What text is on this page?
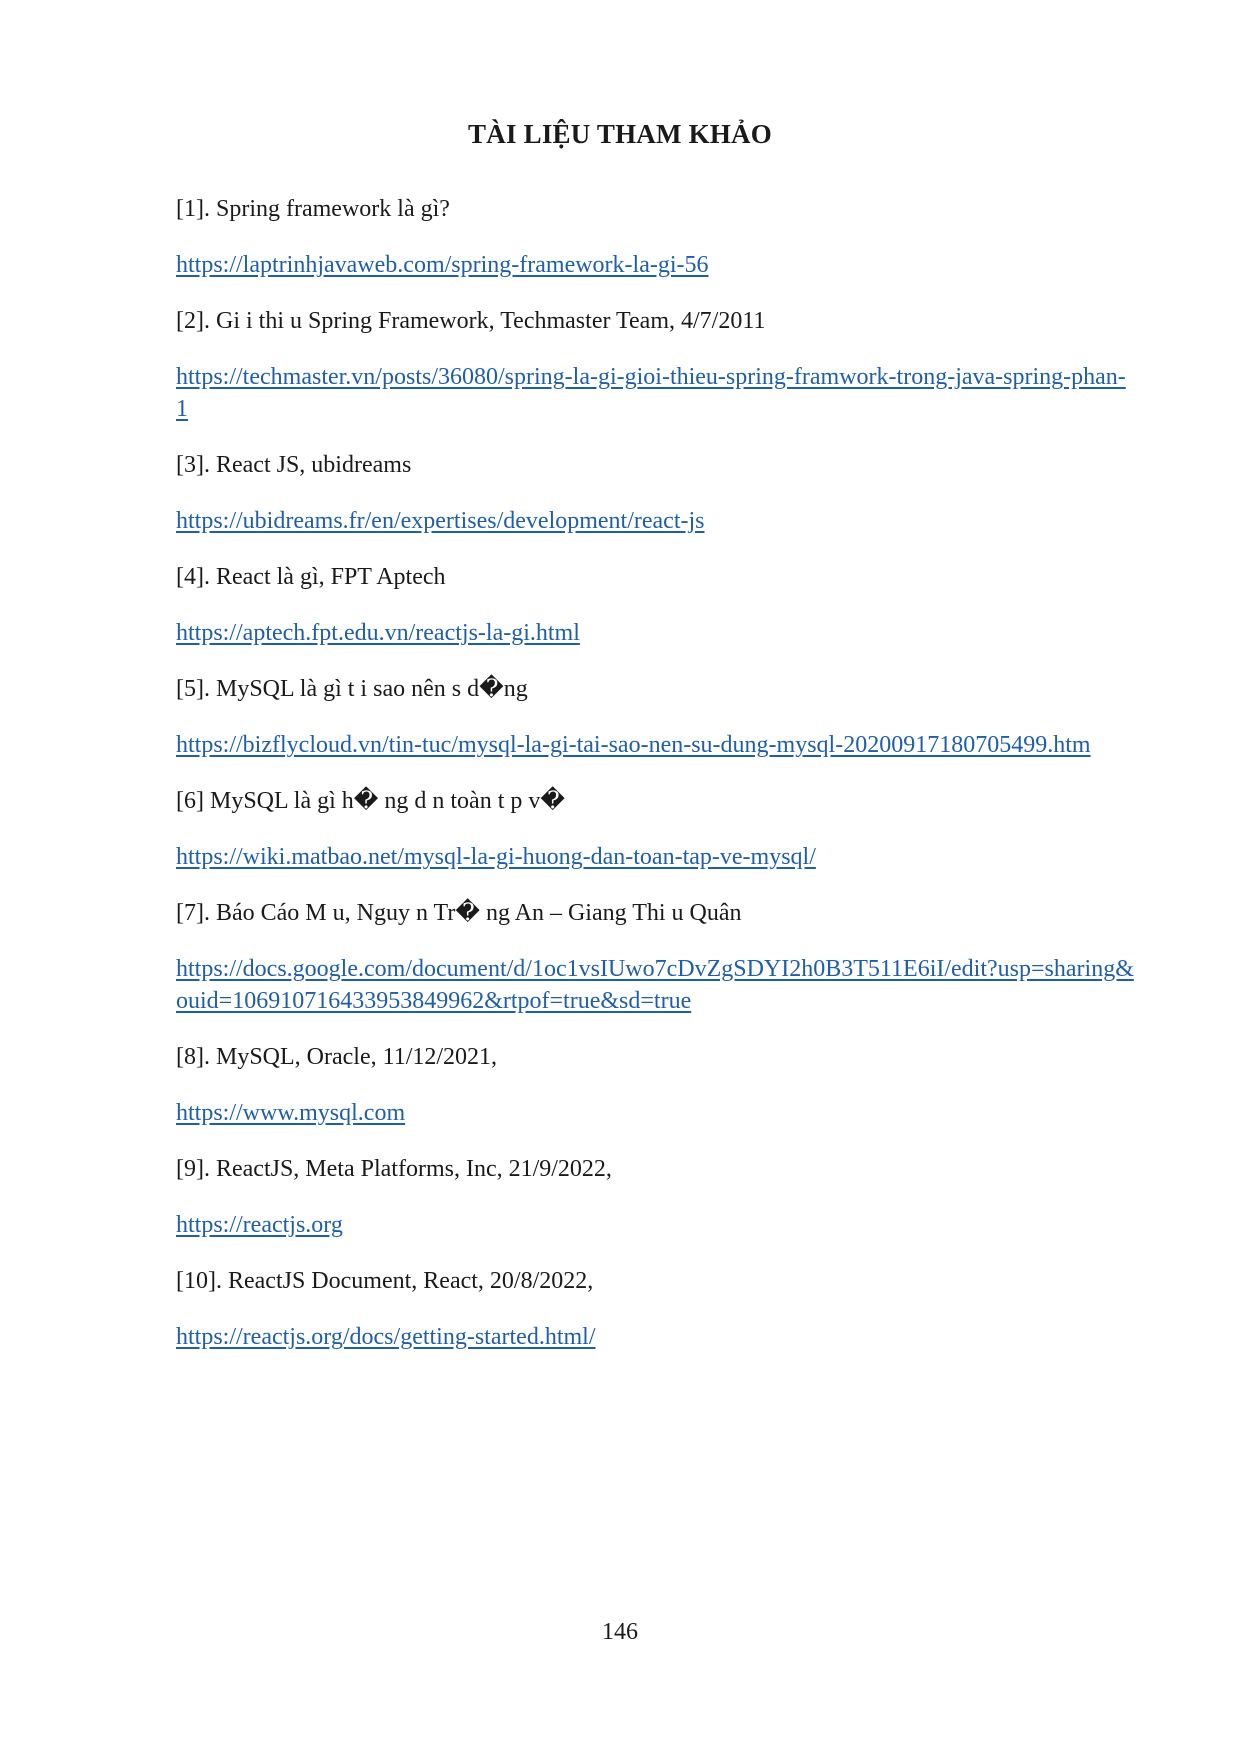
TÀI LIỆU THAM KHẢO
[1]. Spring framework là gì?
https://laptrinhjavaweb.com/spring-framework-la-gi-56
[2]. Gi i thi u Spring Framework, Techmaster Team, 4/7/2011
https://techmaster.vn/posts/36080/spring-la-gi-gioi-thieu-spring-framwork-trong-java-spring-phan-1
[3]. React JS, ubidreams
https://ubidreams.fr/en/expertises/development/react-js
[4]. React là gì, FPT Aptech
https://aptech.fpt.edu.vn/reactjs-la-gi.html
[5]. MySQL là gì t i sao nên s d�ng
https://bizflycloud.vn/tin-tuc/mysql-la-gi-tai-sao-nen-su-dung-mysql-20200917180705499.htm
[6] MySQL là gì h� ng d n toàn t p v�
https://wiki.matbao.net/mysql-la-gi-huong-dan-toan-tap-ve-mysql/
[7]. Báo Cáo M u, Nguy n Tr� ng An – Giang Thi u Quân
https://docs.google.com/document/d/1oc1vsIUwo7cDvZgSDYI2h0B3T511E6iI/edit?usp=sharing&ouid=106910716433953849962&rtpof=true&sd=true
[8]. MySQL, Oracle, 11/12/2021,
https://www.mysql.com
[9]. ReactJS, Meta Platforms, Inc, 21/9/2022,
https://reactjs.org
[10]. ReactJS Document, React, 20/8/2022,
https://reactjs.org/docs/getting-started.html/
146
